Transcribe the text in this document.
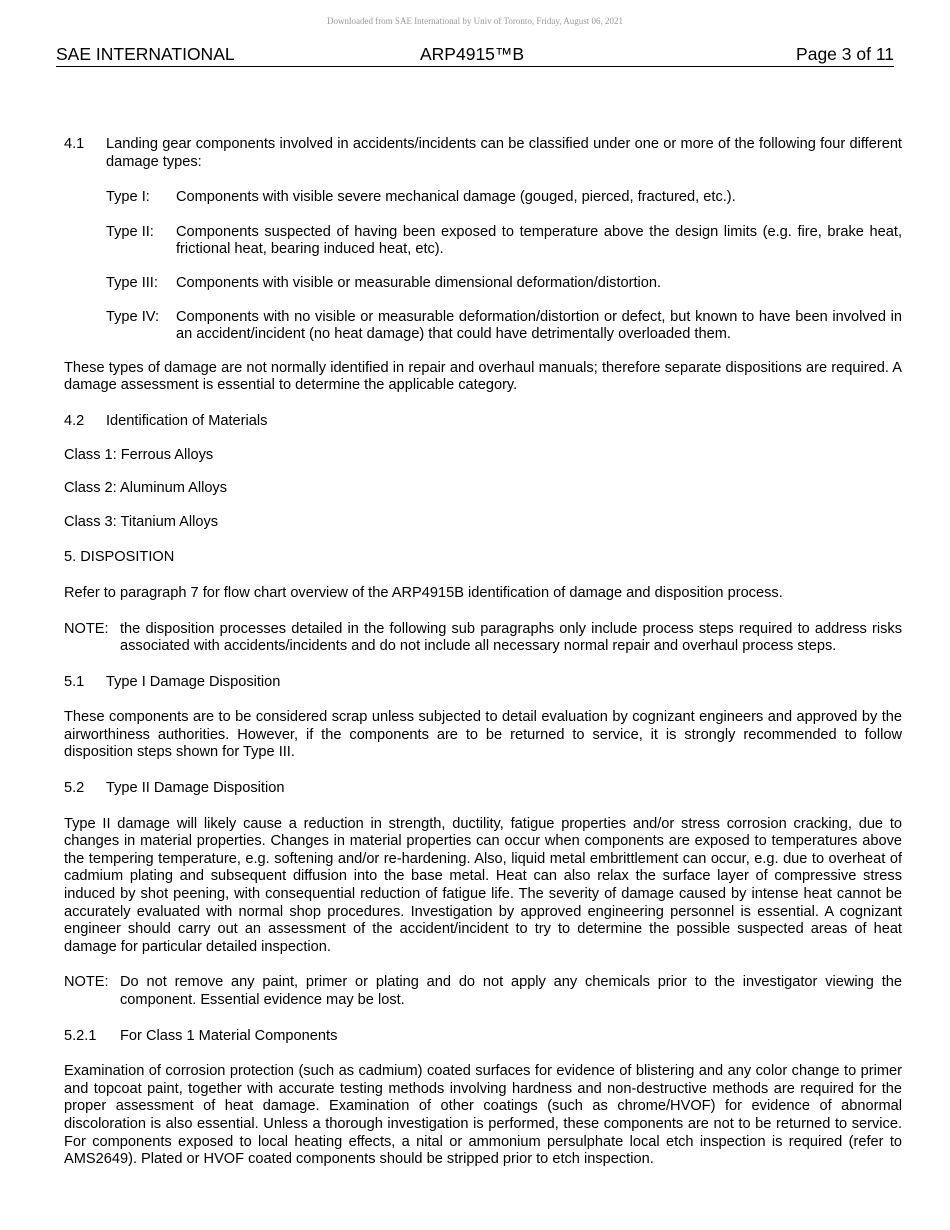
Downloaded from SAE International by Univ of Toronto, Friday, August 06, 2021
SAE INTERNATIONAL	ARP4915™B	Page 3 of 11
4.1	Landing gear components involved in accidents/incidents can be classified under one or more of the following four different damage types:
Type I:	Components with visible severe mechanical damage (gouged, pierced, fractured, etc.).
Type II:	Components suspected of having been exposed to temperature above the design limits (e.g. fire, brake heat, frictional heat, bearing induced heat, etc).
Type III:	Components with visible or measurable dimensional deformation/distortion.
Type IV:	Components with no visible or measurable deformation/distortion or defect, but known to have been involved in an accident/incident (no heat damage) that could have detrimentally overloaded them.

These types of damage are not normally identified in repair and overhaul manuals; therefore separate dispositions are required. A damage assessment is essential to determine the applicable category.

4.2	Identification of Materials

Class 1: Ferrous Alloys

Class 2: Aluminum Alloys

Class 3: Titanium Alloys

5. DISPOSITION

Refer to paragraph 7 for flow chart overview of the ARP4915B identification of damage and disposition process.

NOTE: the disposition processes detailed in the following sub paragraphs only include process steps required to address risks associated with accidents/incidents and do not include all necessary normal repair and overhaul process steps.
5.1	Type I Damage Disposition

These components are to be considered scrap unless subjected to detail evaluation by cognizant engineers and approved by the airworthiness authorities. However, if the components are to be returned to service, it is strongly recommended to follow disposition steps shown for Type III.

5.2	Type II Damage Disposition

Type II damage will likely cause a reduction in strength, ductility, fatigue properties and/or stress corrosion cracking, due to changes in material properties. Changes in material properties can occur when components are exposed to temperatures above the tempering temperature, e.g. softening and/or re-hardening. Also, liquid metal embrittlement can occur, e.g. due to overheat of cadmium plating and subsequent diffusion into the base metal. Heat can also relax the surface layer of compressive stress induced by shot peening, with consequential reduction of fatigue life. The severity of damage caused by intense heat cannot be accurately evaluated with normal shop procedures. Investigation by approved engineering personnel is essential. A cognizant engineer should carry out an assessment of the accident/incident to try to determine the possible suspected areas of heat damage for particular detailed inspection.

NOTE: Do not remove any paint, primer or plating and do not apply any chemicals prior to the investigator viewing the component. Essential evidence may be lost.
5.2.1	For Class 1 Material Components

Examination of corrosion protection (such as cadmium) coated surfaces for evidence of blistering and any color change to primer and topcoat paint, together with accurate testing methods involving hardness and non-destructive methods are required for the proper assessment of heat damage. Examination of other coatings (such as chrome/HVOF) for evidence of abnormal discoloration is also essential. Unless a thorough investigation is performed, these components are not to be returned to service. For components exposed to local heating effects, a nital or ammonium persulphate local etch inspection is required (refer to AMS2649). Plated or HVOF coated components should be stripped prior to etch inspection.
